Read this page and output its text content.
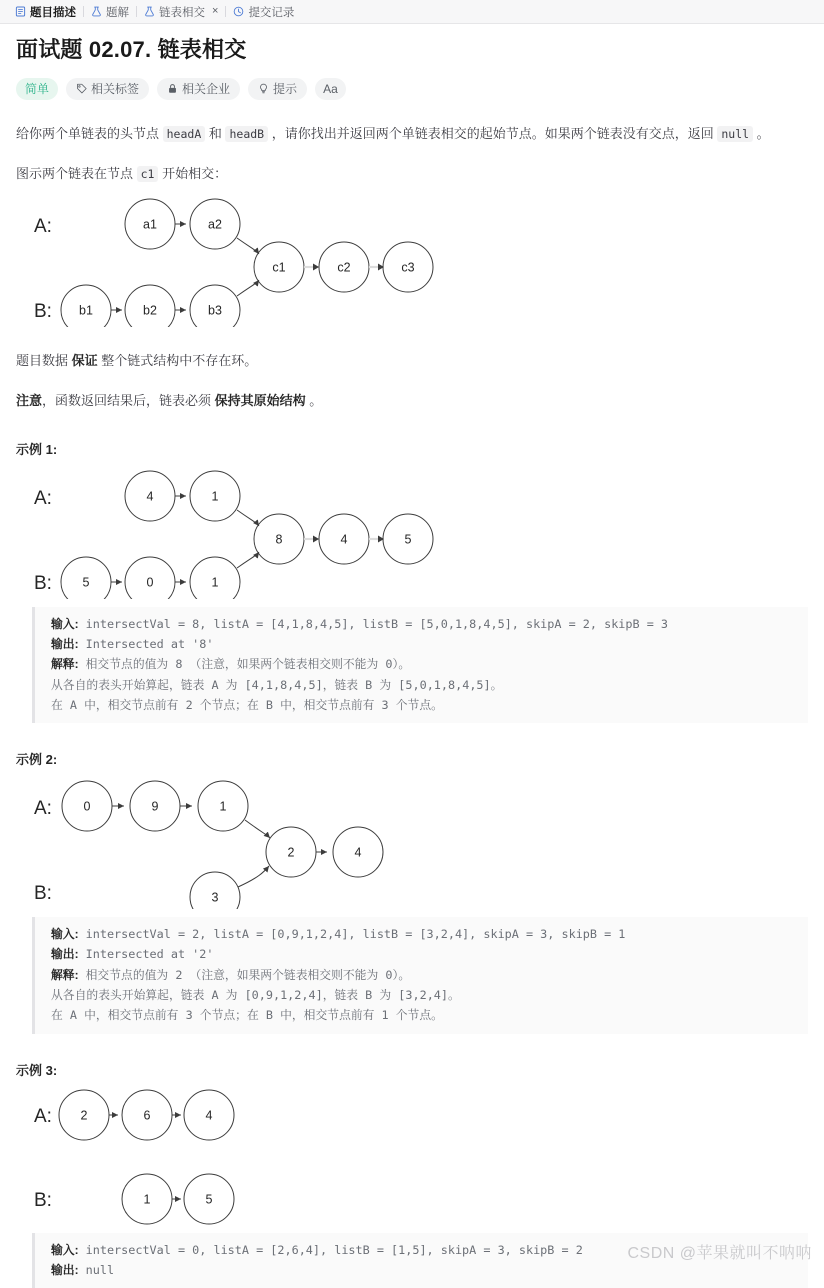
题目描述	题解	链表相交 ×	提交记录
面试题 02.07. 链表相交
简单	相关标签	相关企业	提示 Aa

给你两个单链表的头节点 headA 和 headB ，请你找出并返回两个单链表相交的起始节点。如果两个链表没有交点，返回 null 。

图示两个链表在节点 c1 开始相交：

A:
B:
a1	a2
b1	b2	b3
c1	c2	c3

题目数据 保证 整个链式结构中不存在环。

注意，函数返回结果后，链表必须 保持其原始结构 。

示例 1:
A:
B:
4	1
5	0	1
8	4	5
输入: intersectVal = 8, listA = [4,1,8,4,5], listB = [5,0,1,8,4,5], skipA = 2, skipB = 3
输出: Intersected at '8'
解释: 相交节点的值为 8 （注意，如果两个链表相交则不能为 0）。
从各自的表头开始算起，链表 A 为 [4,1,8,4,5]，链表 B 为 [5,0,1,8,4,5]。
在 A 中，相交节点前有 2 个节点；在 B 中，相交节点前有 3 个节点。
示例 2:
A:
B:
0	9	1
3
2	4
输入: intersectVal = 2, listA = [0,9,1,2,4], listB = [3,2,4], skipA = 3, skipB = 1
输出: Intersected at '2'
解释: 相交节点的值为 2 （注意，如果两个链表相交则不能为 0）。
从各自的表头开始算起，链表 A 为 [0,9,1,2,4]，链表 B 为 [3,2,4]。
在 A 中，相交节点前有 3 个节点；在 B 中，相交节点前有 1 个节点。
示例 3:
A:
B:
2	6	4
1	5
输入: intersectVal = 0, listA = [2,6,4], listB = [1,5], skipA = 3, skipB = 2
输出: null
CSDN @苹果就叫不呐呐
